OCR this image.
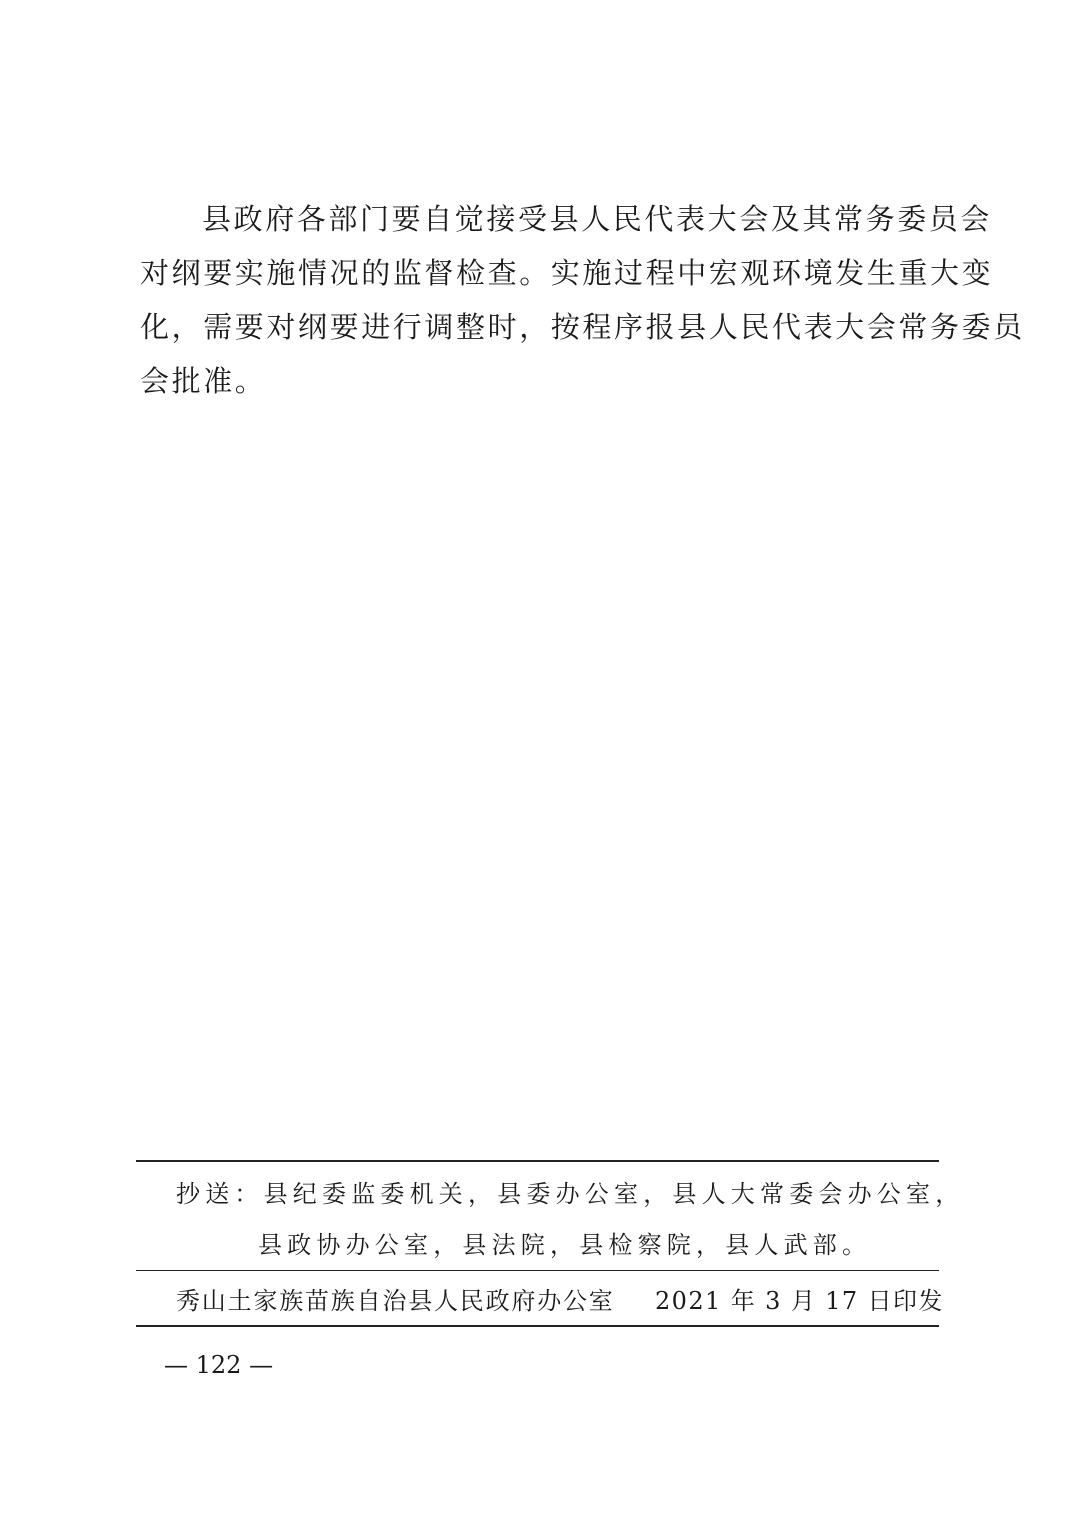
县政府各部门要自觉接受县人民代表大会及其常务委员会
对纲要实施情况的监督检查。实施过程中宏观环境发生重大变
化，需要对纲要进行调整时，按程序报县人民代表大会常务委员
会批准。
抄送：县纪委监委机关，县委办公室，县人大常委会办公室，
县政协办公室，县法院，县检察院，县人武部。
秀山土家族苗族自治县人民政府办公室 2021 年 3 月 17 日印发
— 122 —
